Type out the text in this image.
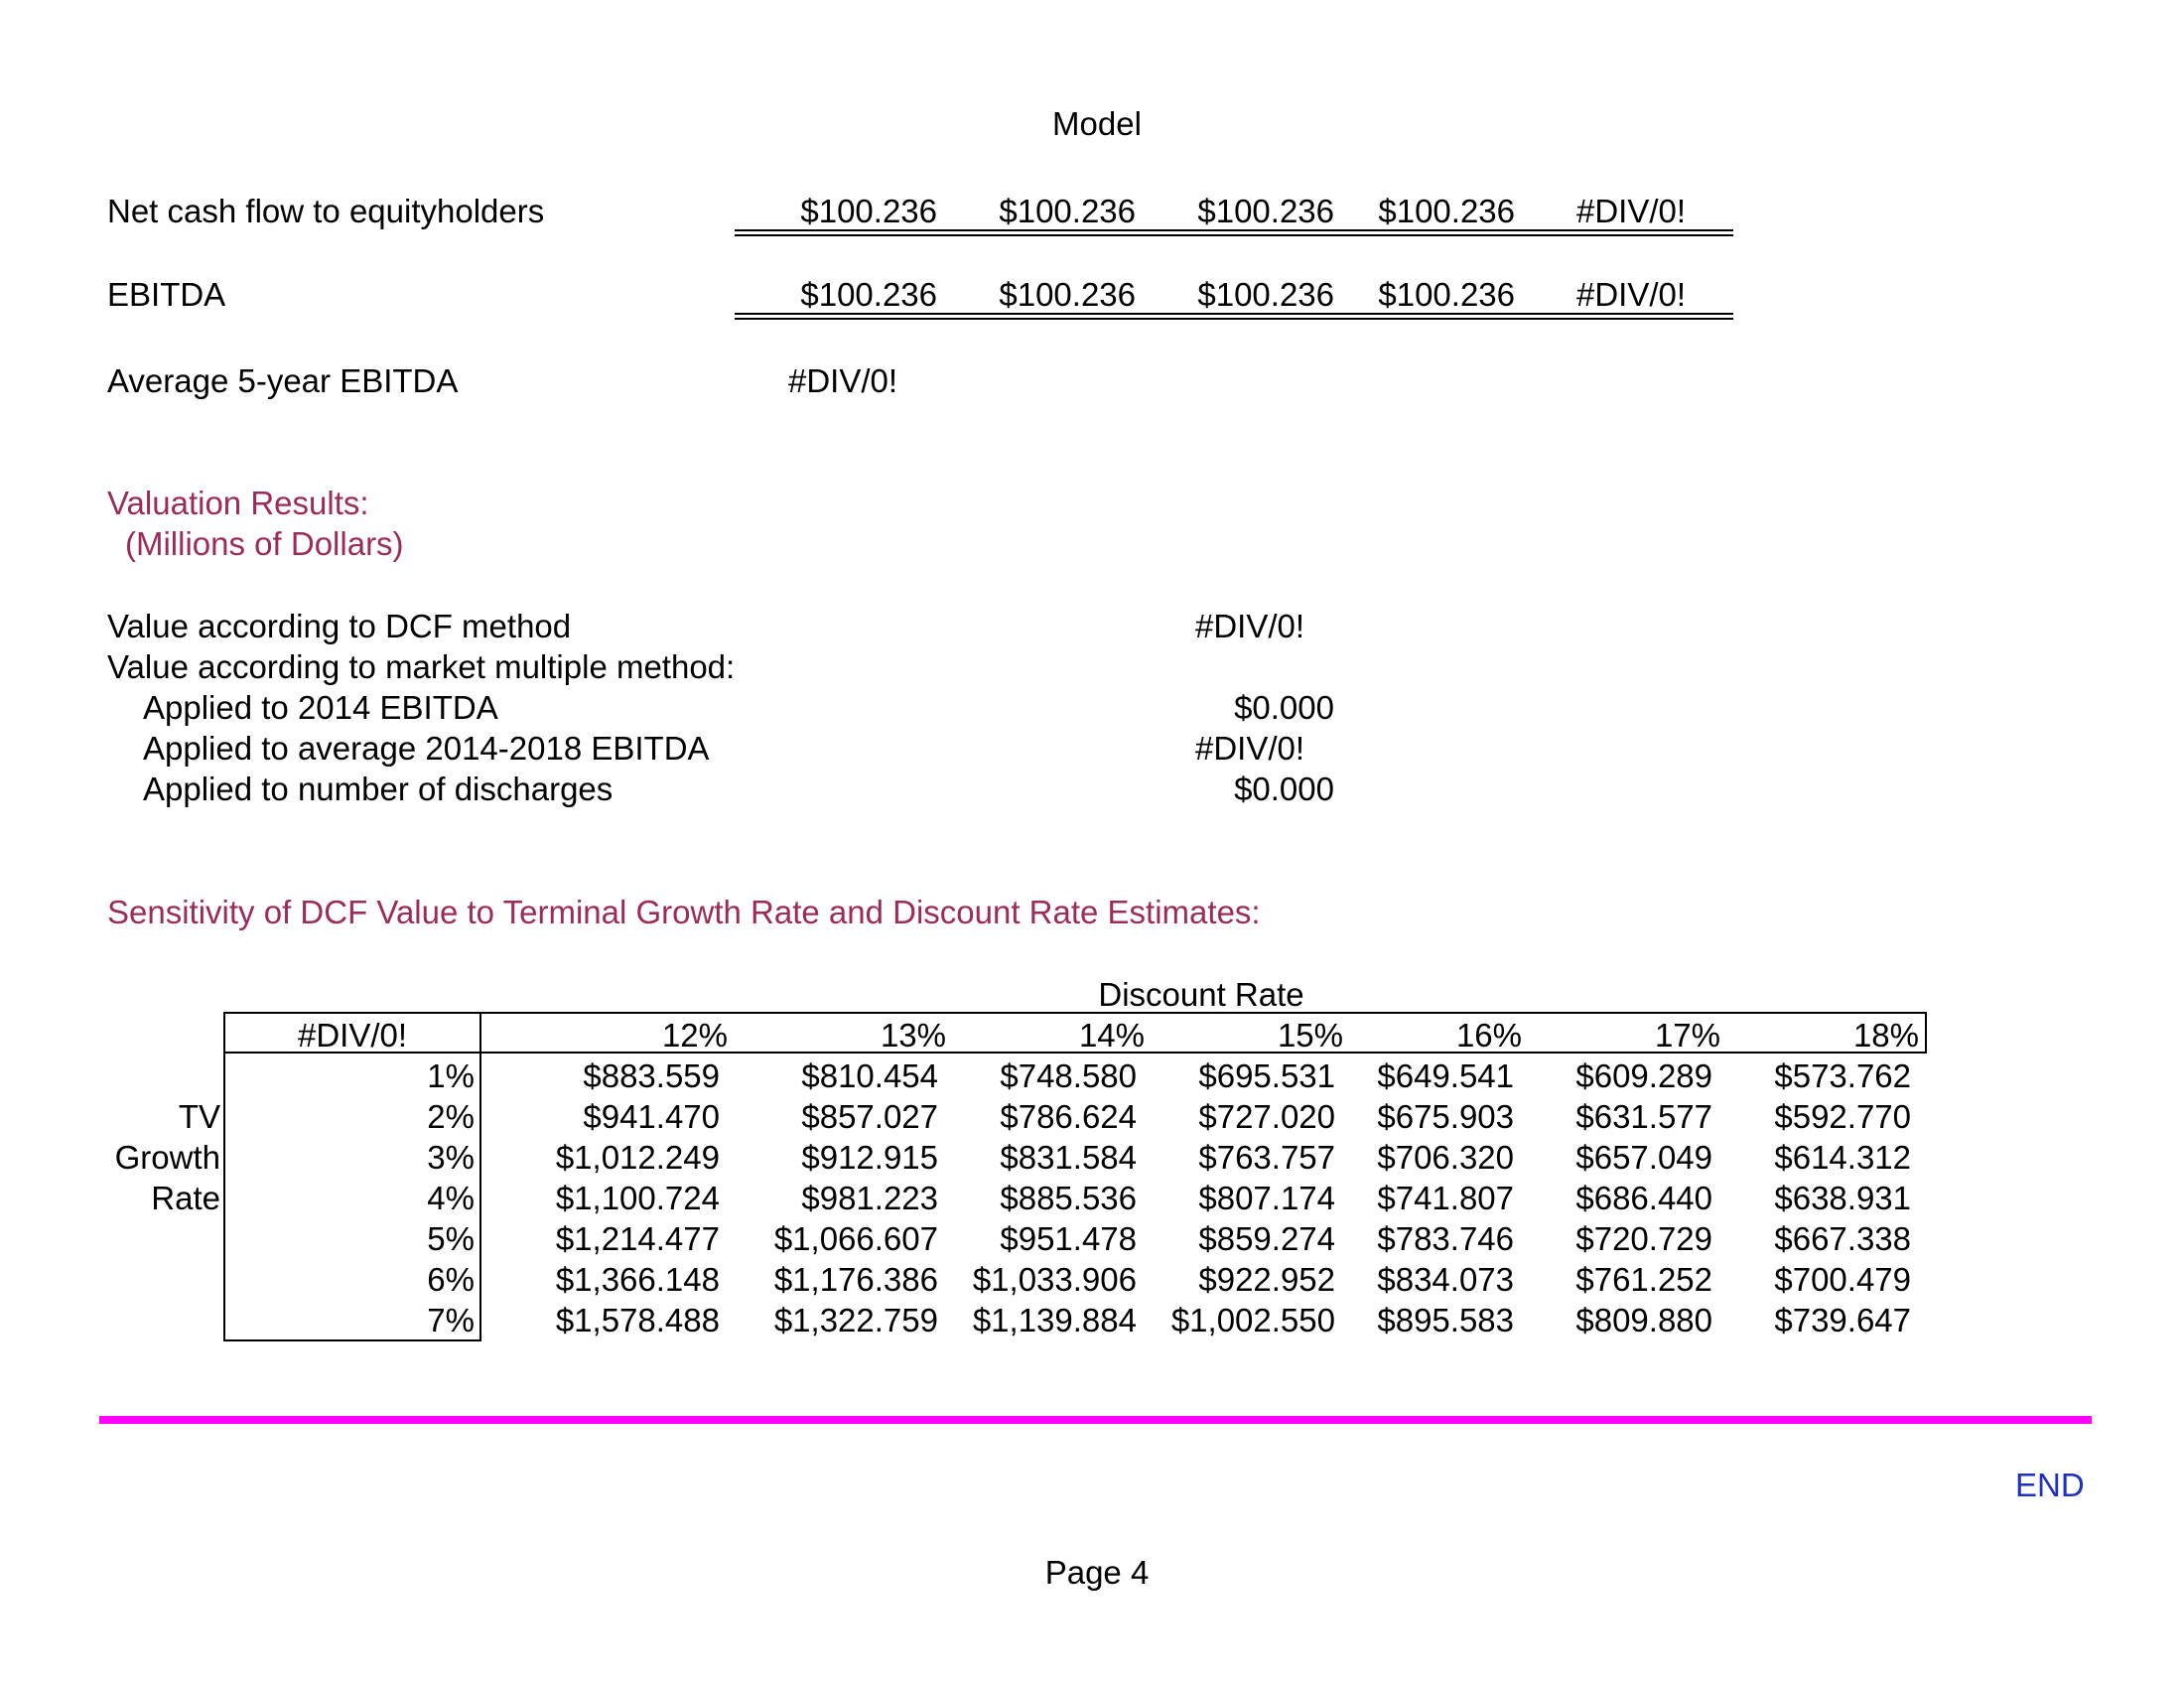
Model
Net cash flow to equityholders	$100.236	$100.236	$100.236	$100.236 #DIV/0!
EBITDA	$100.236	$100.236	$100.236	$100.236 #DIV/0!
Average 5-year EBITDA	#DIV/0!
Valuation Results:
(Millions of Dollars)
Value according to DCF method	#DIV/0!
Value according to market multiple method:
Applied to 2014 EBITDA	$0.000
Applied to average 2014-2018 EBITDA	#DIV/0!
Applied to number of discharges	$0.000
Sensitivity of DCF Value to Terminal Growth Rate and Discount Rate Estimates:
Discount Rate
#DIV/0!	12%	13%	14%	15%	16%	17%	18%
TV
Growth
Rate
1%	$883.559	$810.454	$748.580	$695.531	$649.541	$609.289	$573.762
2%	$941.470	$857.027	$786.624	$727.020	$675.903	$631.577	$592.770
3%	$1,012.249	$912.915	$831.584	$763.757	$706.320	$657.049	$614.312
4%	$1,100.724	$981.223	$885.536	$807.174	$741.807	$686.440	$638.931
5%	$1,214.477	$1,066.607	$951.478	$859.274	$783.746	$720.729	$667.338
6%	$1,366.148	$1,176.386	$1,033.906	$922.952	$834.073	$761.252	$700.479
7%	$1,578.488	$1,322.759	$1,139.884	$1,002.550	$895.583	$809.880	$739.647
END
Page 4
